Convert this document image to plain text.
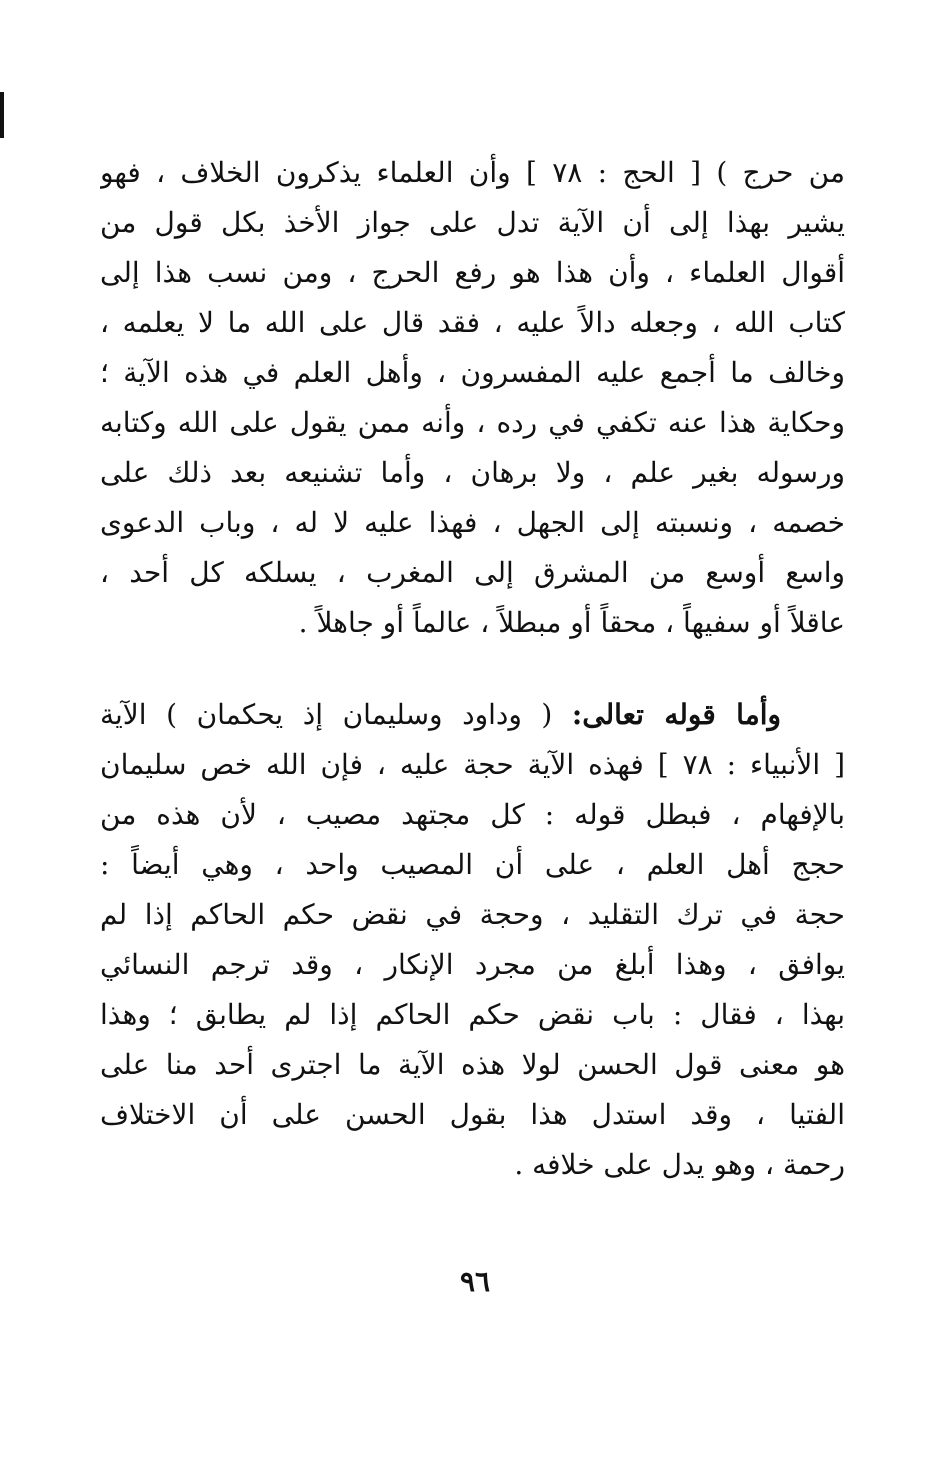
من حرج ) [ الحج : ٧٨ ] وأن العلماء يذكرون الخلاف ، فهو
يشير بهذا إلى أن الآية تدل على جواز الأخذ بكل قول من
أقوال العلماء ، وأن هذا هو رفع الحرج ، ومن نسب هذا إلى
كتاب الله ، وجعله دالاً عليه ، فقد قال على الله ما لا يعلمه ،
وخالف ما أجمع عليه المفسرون ، وأهل العلم في هذه الآية ؛
وحكاية هذا عنه تكفي في رده ، وأنه ممن يقول على الله وكتابه
ورسوله بغير علم ، ولا برهان ، وأما تشنيعه بعد ذلك على
خصمه ، ونسبته إلى الجهل ، فهذا عليه لا له ، وباب الدعوى
واسع أوسع من المشرق إلى المغرب ، يسلكه كل أحد ،
عاقلاً أو سفيهاً ، محقاً أو مبطلاً ، عالماً أو جاهلاً .
وأما قوله تعالى: ( وداود وسليمان إذ يحكمان ) الآية
[ الأنبياء : ٧٨ ] فهذه الآية حجة عليه ، فإن الله خص سليمان
بالإفهام ، فبطل قوله : كل مجتهد مصيب ، لأن هذه من
حجج أهل العلم ، على أن المصيب واحد ، وهي أيضاً :
حجة في ترك التقليد ، وحجة في نقض حكم الحاكم إذا لم
يوافق ، وهذا أبلغ من مجرد الإنكار ، وقد ترجم النسائي
بهذا ، فقال : باب نقض حكم الحاكم إذا لم يطابق ؛ وهذا
هو معنى قول الحسن لولا هذه الآية ما اجترى أحد منا على
الفتيا ، وقد استدل هذا بقول الحسن على أن الاختلاف
رحمة ، وهو يدل على خلافه .
٩٦
